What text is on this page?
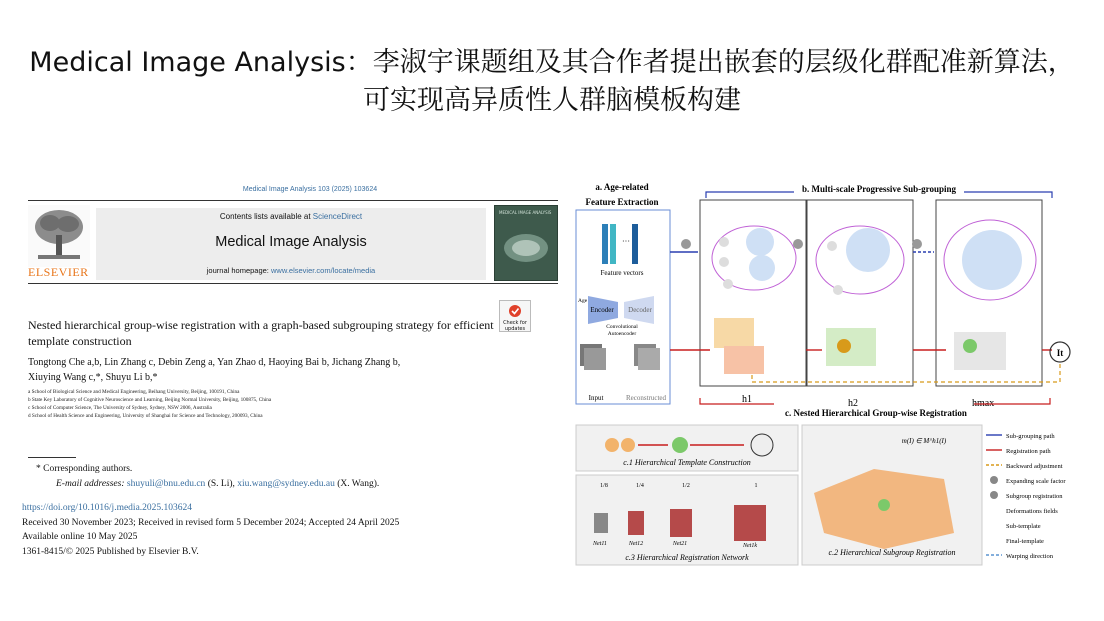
Medical Image Analysis：李淑宇课题组及其合作者提出嵌套的层级化群配准新算法，
可实现高异质性人群脑模板构建
Medical Image Analysis 103 (2025) 103624
ELSEVIER
Contents lists available at ScienceDirect
Medical Image Analysis
journal homepage: www.elsevier.com/locate/media
MEDICAL IMAGE ANALYSIS
Check for updates
Nested hierarchical group-wise registration with a graph-based subgrouping strategy for efficient template construction
Tongtong Che a,b, Lin Zhang c, Debin Zeng a, Yan Zhao d, Haoying Bai b, Jichang Zhang b,
Xiuying Wang c,*, Shuyu Li b,*
a School of Biological Science and Medical Engineering, Beihang University, Beijing, 100191, China
b State Key Laboratory of Cognitive Neuroscience and Learning, Beijing Normal University, Beijing, 100875, China
c School of Computer Science, The University of Sydney, Sydney, NSW 2006, Australia
d School of Health Science and Engineering, University of Shanghai for Science and Technology, 200093, China
* Corresponding authors.
E-mail addresses: shuyuli@bnu.edu.cn (S. Li), xiu.wang@sydney.edu.au (X. Wang).
https://doi.org/10.1016/j.media.2025.103624
Received 30 November 2023; Received in revised form 5 December 2024; Accepted 24 April 2025
Available online 10 May 2025
1361-8415/© 2025 Published by Elsevier B.V.
a. Age-related
Feature Extraction
···
Feature vectors
Age
Encoder Decoder
Convolutional
Autoencoder
Input	Reconstructed
b. Multi-scale Progressive Sub-grouping
It
h1	h2	hmax
c. Nested Hierarchical Group-wise Registration
c.1 Hierarchical Template Construction
1/8	1/4	1/2	1
Net11	Net12	Net21	Net1k
c.3 Hierarchical Registration Network
m(I) ∈ M^h1(I)
c.2 Hierarchical Subgroup Registration
Sub-grouping path
Registration path
Backward adjustment
Expanding scale factor
Subgroup registration
Deformations fields
Sub-template
Final-template
Warping direction
